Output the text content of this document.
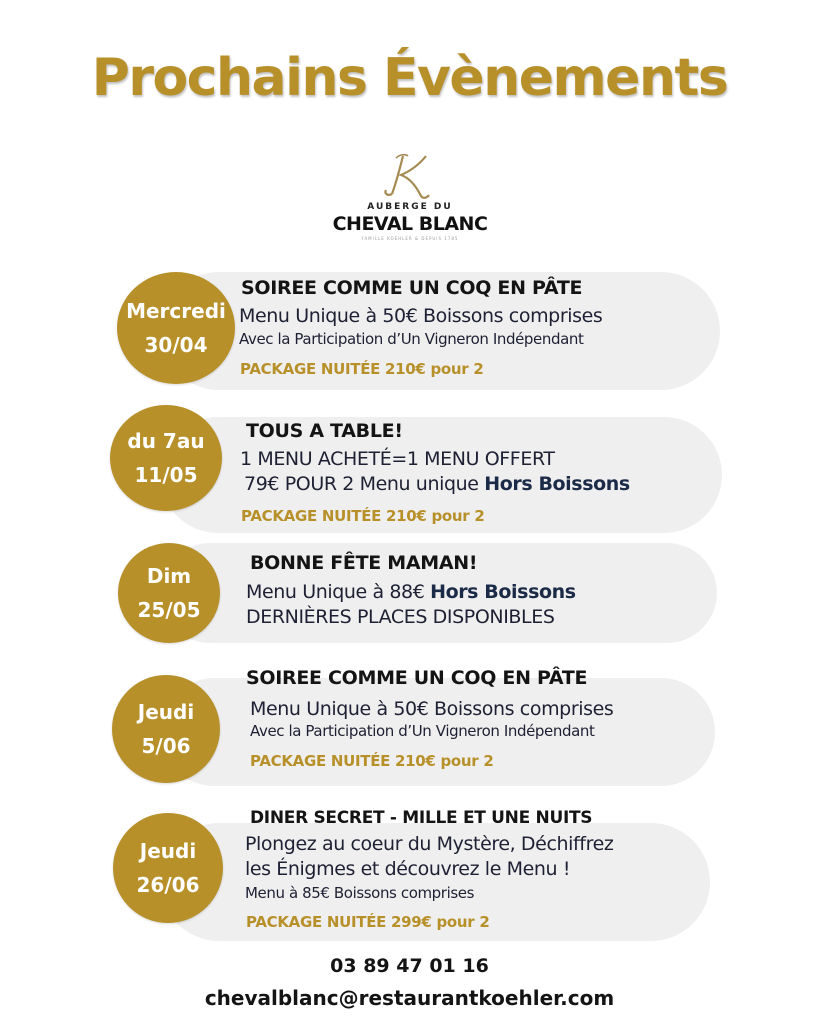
Prochains Évènements
AUBERGE DU
CHEVAL BLANC
FAMILLE KOEHLER & DEPUIS 1785
Mercredi
30/04
SOIREE COMME UN COQ EN PÂTE
Menu Unique à 50€ Boissons comprises
Avec la Participation d’Un Vigneron Indépendant
PACKAGE NUITÉE 210€ pour 2
du 7au
11/05
TOUS A TABLE!
1 MENU ACHETÉ=1 MENU OFFERT
79€ POUR 2 Menu unique Hors Boissons
PACKAGE NUITÉE 210€ pour 2
Dim
25/05
BONNE FÊTE MAMAN!
Menu Unique à 88€ Hors Boissons
DERNIÈRES PLACES DISPONIBLES
Jeudi
5/06
SOIREE COMME UN COQ EN PÂTE
Menu Unique à 50€ Boissons comprises
Avec la Participation d’Un Vigneron Indépendant
PACKAGE NUITÉE 210€ pour 2
Jeudi
26/06
DINER SECRET - MILLE ET UNE NUITS
Plongez au coeur du Mystère, Déchiffrez
les Énigmes et découvrez le Menu !
Menu à 85€ Boissons comprises
PACKAGE NUITÉE 299€ pour 2
03 89 47 01 16
chevalblanc@restaurantkoehler.com
